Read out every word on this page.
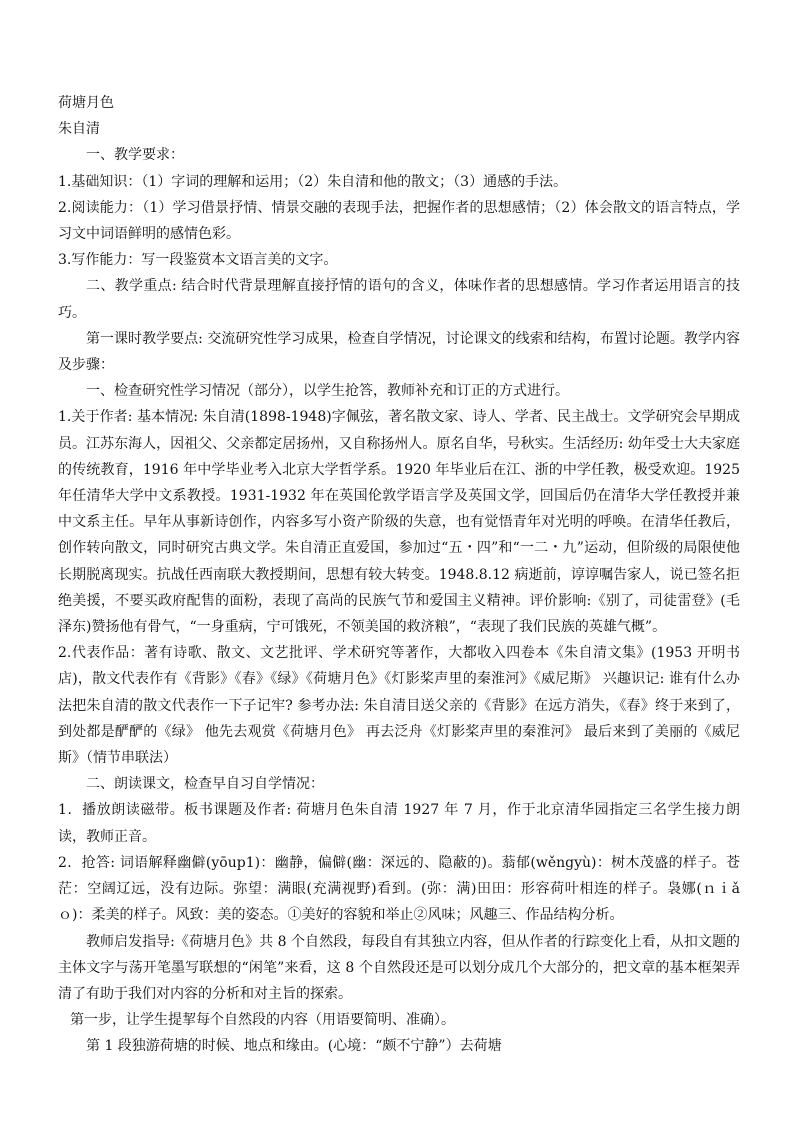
荷塘月色

朱自清

一、教学要求：

1.基础知识：（1）字词的理解和运用；（2）朱自清和他的散文；（3）通感的手法。

2.阅读能力：（1）学习借景抒情、情景交融的表现手法，把握作者的思想感情；（2）体会散文的语言特点，学习文中词语鲜明的感情色彩。

3.写作能力：写一段鉴赏本文语言美的文字。

二、教学重点: 结合时代背景理解直接抒情的语句的含义，体味作者的思想感情。学习作者运用语言的技巧。

第一课时教学要点: 交流研究性学习成果，检查自学情况，讨论课文的线索和结构，布置讨论题。教学内容及步骤：

一、检查研究性学习情况（部分），以学生抢答，教师补充和订正的方式进行。

1.关于作者: 基本情况: 朱自清(1898-1948)字佩弦，著名散文家、诗人、学者、民主战士。文学研究会早期成员。江苏东海人，因祖父、父亲都定居扬州，又自称扬州人。原名自华，号秋实。生活经历: 幼年受士大夫家庭的传统教育，1916 年中学毕业考入北京大学哲学系。1920 年毕业后在江、浙的中学任教，极受欢迎。1925 年任清华大学中文系教授。1931-1932 年在英国伦敦学语言学及英国文学，回国后仍在清华大学任教授并兼中文系主任。早年从事新诗创作，内容多写小资产阶级的失意，也有觉悟青年对光明的呼唤。在清华任教后，创作转向散文，同时研究古典文学。朱自清正直爱国，参加过“五・四”和“一二・九”运动，但阶级的局限使他长期脱离现实。抗战任西南联大教授期间，思想有较大转变。1948.8.12 病逝前，谆谆嘱告家人，说已签名拒绝美援，不要买政府配售的面粉，表现了高尚的民族气节和爱国主义精神。评价影响:《别了，司徒雷登》(毛泽东)赞扬他有骨气，“一身重病，宁可饿死，不领美国的救济粮”，“表现了我们民族的英雄气概”。

2.代表作品：著有诗歌、散文、文艺批评、学术研究等著作，大都收入四卷本《朱自清文集》(1953 开明书店)，散文代表作有《背影》《春》《绿》《荷塘月色》《灯影桨声里的秦淮河》《威尼斯》 兴趣识记: 谁有什么办法把朱自清的散文代表作一下子记牢? 参考办法: 朱自清目送父亲的《背影》在远方消失，《春》终于来到了，到处都是酽酽的《绿》 他先去观赏《荷塘月色》 再去泛舟《灯影桨声里的秦淮河》 最后来到了美丽的《威尼斯》（情节串联法）

二、朗读课文，检查早自习自学情况：

1．播放朗读磁带。板书课题及作者: 荷塘月色朱自清 1927 年 7 月，作于北京清华园指定三名学生接力朗读，教师正音。

2．抢答: 词语解释幽僻(yōup1)：幽静，偏僻(幽：深远的、隐蔽的)。蓊郁(wěngyù)：树木茂盛的样子。苍茫：空阔辽远，没有边际。弥望：满眼(充满视野)看到。(弥：满)田田：形容荷叶相连的样子。袅娜(ｎｉǎｏ)：柔美的样子。风致：美的姿态。①美好的容貌和举止②风味；风趣三、作品结构分析。

教师启发指导:《荷塘月色》共 8 个自然段，每段自有其独立内容，但从作者的行踪变化上看，从扣文题的主体文字与荡开笔墨写联想的“闲笔”来看，这 8 个自然段还是可以划分成几个大部分的，把文章的基本框架弄清了有助于我们对内容的分析和对主旨的探索。

第一步，让学生提挈每个自然段的内容（用语要简明、准确）。

第 1 段独游荷塘的时候、地点和缘由。(心境：“颇不宁静”）去荷塘
